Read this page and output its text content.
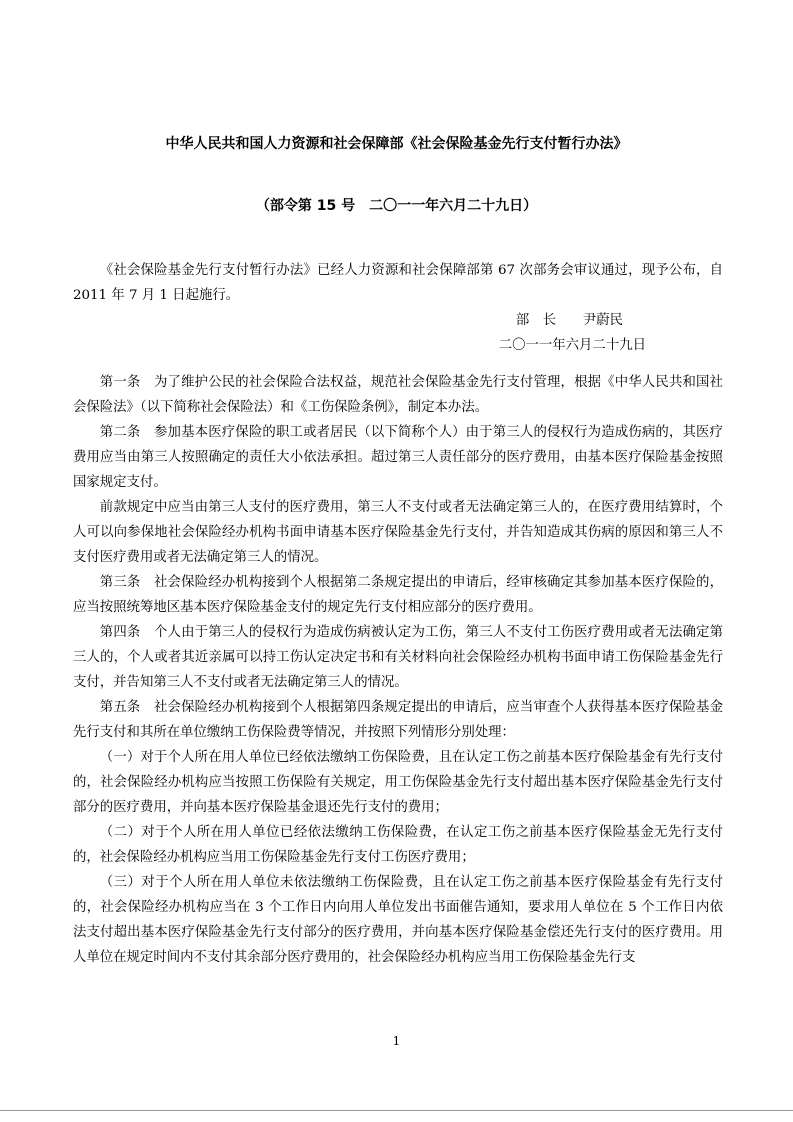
中华人民共和国人力资源和社会保障部《社会保险基金先行支付暂行办法》
（部令第 15 号　二〇一一年六月二十九日）

《社会保险基金先行支付暂行办法》已经人力资源和社会保障部第 67 次部务会审议通过，现予公布，自 2011 年 7 月 1 日起施行。

部　长　　尹蔚民

二〇一一年六月二十九日

第一条　为了维护公民的社会保险合法权益，规范社会保险基金先行支付管理，根据《中华人民共和国社会保险法》（以下简称社会保险法）和《工伤保险条例》，制定本办法。

第二条　参加基本医疗保险的职工或者居民（以下简称个人）由于第三人的侵权行为造成伤病的，其医疗费用应当由第三人按照确定的责任大小依法承担。超过第三人责任部分的医疗费用，由基本医疗保险基金按照国家规定支付。

前款规定中应当由第三人支付的医疗费用，第三人不支付或者无法确定第三人的，在医疗费用结算时，个人可以向参保地社会保险经办机构书面申请基本医疗保险基金先行支付，并告知造成其伤病的原因和第三人不支付医疗费用或者无法确定第三人的情况。

第三条　社会保险经办机构接到个人根据第二条规定提出的申请后，经审核确定其参加基本医疗保险的，应当按照统筹地区基本医疗保险基金支付的规定先行支付相应部分的医疗费用。

第四条　个人由于第三人的侵权行为造成伤病被认定为工伤，第三人不支付工伤医疗费用或者无法确定第三人的，个人或者其近亲属可以持工伤认定决定书和有关材料向社会保险经办机构书面申请工伤保险基金先行支付，并告知第三人不支付或者无法确定第三人的情况。

第五条　社会保险经办机构接到个人根据第四条规定提出的申请后，应当审查个人获得基本医疗保险基金先行支付和其所在单位缴纳工伤保险费等情况，并按照下列情形分别处理：

（一）对于个人所在用人单位已经依法缴纳工伤保险费，且在认定工伤之前基本医疗保险基金有先行支付的，社会保险经办机构应当按照工伤保险有关规定，用工伤保险基金先行支付超出基本医疗保险基金先行支付部分的医疗费用，并向基本医疗保险基金退还先行支付的费用；

（二）对于个人所在用人单位已经依法缴纳工伤保险费，在认定工伤之前基本医疗保险基金无先行支付的，社会保险经办机构应当用工伤保险基金先行支付工伤医疗费用；

（三）对于个人所在用人单位未依法缴纳工伤保险费，且在认定工伤之前基本医疗保险基金有先行支付的，社会保险经办机构应当在 3 个工作日内向用人单位发出书面催告通知，要求用人单位在 5 个工作日内依法支付超出基本医疗保险基金先行支付部分的医疗费用，并向基本医疗保险基金偿还先行支付的医疗费用。用人单位在规定时间内不支付其余部分医疗费用的，社会保险经办机构应当用工伤保险基金先行支

1
